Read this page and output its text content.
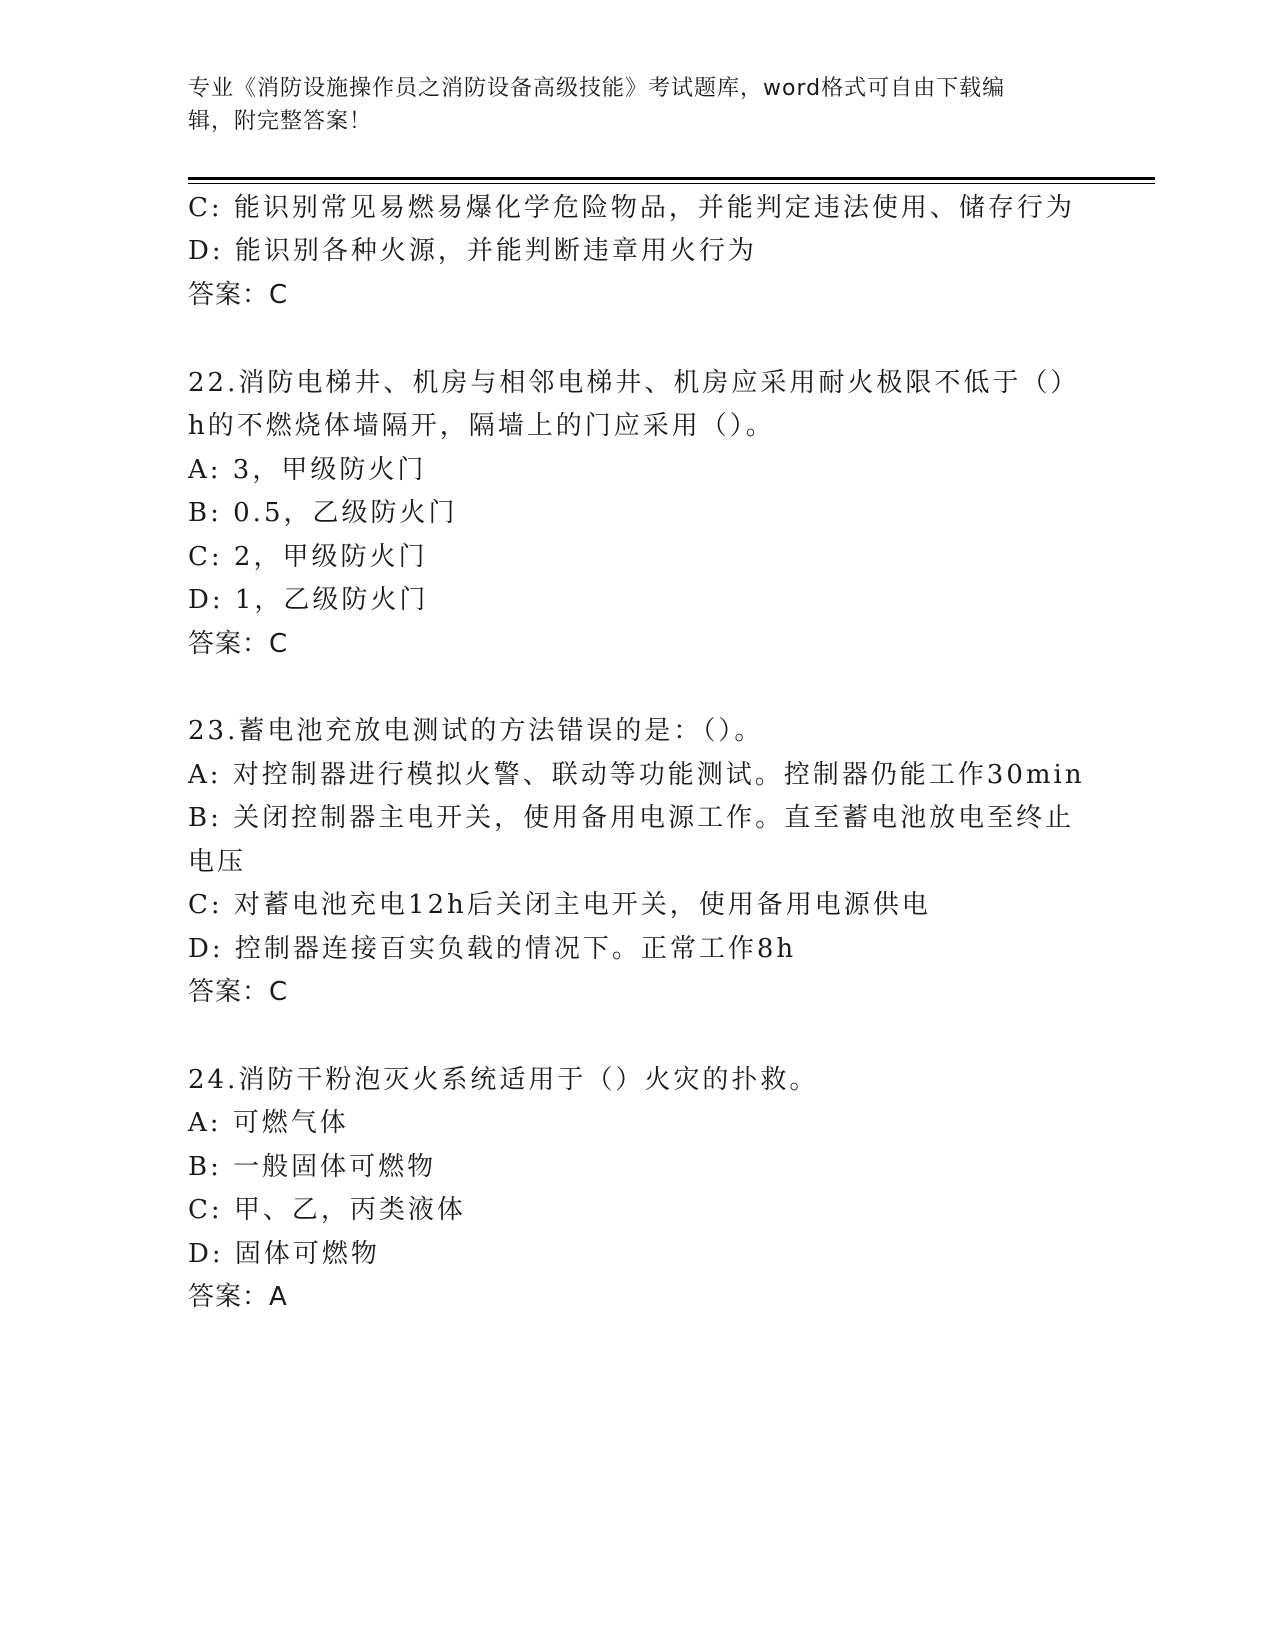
专业《消防设施操作员之消防设备高级技能》考试题库，word格式可自由下载编
辑，附完整答案！
C: 能识别常见易燃易爆化学危险物品，并能判定违法使用、储存行为
D: 能识别各种火源，并能判断违章用火行为
答案：C
22.消防电梯井、机房与相邻电梯井、机房应采用耐火极限不低于（）
h的不燃烧体墙隔开，隔墙上的门应采用（）。
A: 3，甲级防火门
B: 0.5，乙级防火门
C: 2，甲级防火门
D: 1，乙级防火门
答案：C
23.蓄电池充放电测试的方法错误的是：（）。
A: 对控制器进行模拟火警、联动等功能测试。控制器仍能工作30min
B: 关闭控制器主电开关，使用备用电源工作。直至蓄电池放电至终止
电压
C: 对蓄电池充电12h后关闭主电开关，使用备用电源供电
D: 控制器连接百实负载的情况下。正常工作8h
答案：C
24.消防干粉泡灭火系统适用于（）火灾的扑救。
A: 可燃气体
B: 一般固体可燃物
C: 甲、乙，丙类液体
D: 固体可燃物
答案：A
